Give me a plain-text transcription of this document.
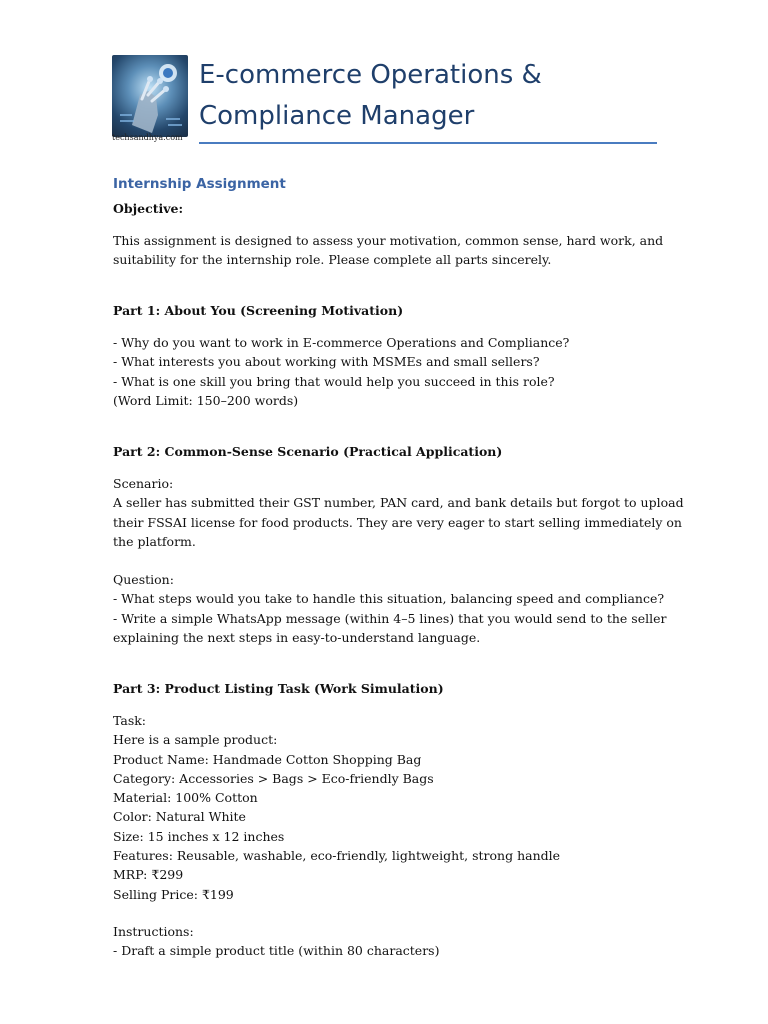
techsandhya.com
E-commerce Operations &
Compliance Manager
Internship Assignment
Objective:
This assignment is designed to assess your motivation, common sense, hard work, and
suitability for the internship role. Please complete all parts sincerely.
Part 1: About You (Screening Motivation)
- Why do you want to work in E-commerce Operations and Compliance?
- What interests you about working with MSMEs and small sellers?
- What is one skill you bring that would help you succeed in this role?
(Word Limit: 150–200 words)
Part 2: Common-Sense Scenario (Practical Application)
Scenario:
A seller has submitted their GST number, PAN card, and bank details but forgot to upload
their FSSAI license for food products. They are very eager to start selling immediately on
the platform.
Question:
- What steps would you take to handle this situation, balancing speed and compliance?
- Write a simple WhatsApp message (within 4–5 lines) that you would send to the seller
explaining the next steps in easy-to-understand language.
Part 3: Product Listing Task (Work Simulation)
Task:
Here is a sample product:
Product Name: Handmade Cotton Shopping Bag
Category: Accessories > Bags > Eco-friendly Bags
Material: 100% Cotton
Color: Natural White
Size: 15 inches x 12 inches
Features: Reusable, washable, eco-friendly, lightweight, strong handle
MRP: ₹299
Selling Price: ₹199
Instructions:
- Draft a simple product title (within 80 characters)
